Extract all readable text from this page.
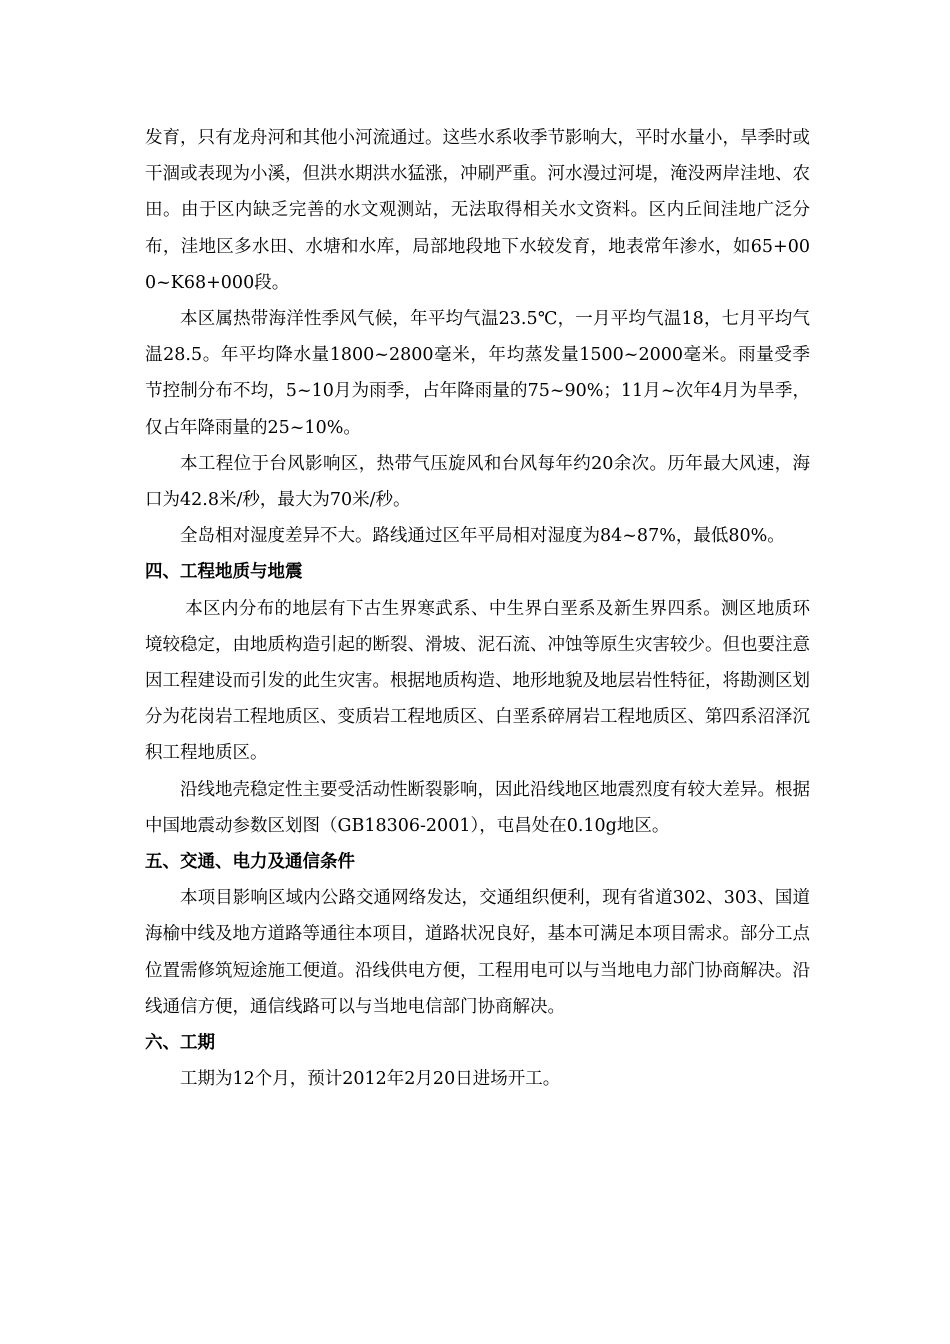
发育，只有龙舟河和其他小河流通过。这些水系收季节影响大，平时水量小，旱季时或干涸或表现为小溪，但洪水期洪水猛涨，冲刷严重。河水漫过河堤，淹没两岸洼地、农田。由于区内缺乏完善的水文观测站，无法取得相关水文资料。区内丘间洼地广泛分布，洼地区多水田、水塘和水库，局部地段地下水较发育，地表常年渗水，如65+000~K68+000段。

本区属热带海洋性季风气候，年平均气温23.5℃，一月平均气温18，七月平均气温28.5。年平均降水量1800~2800毫米，年均蒸发量1500~2000毫米。雨量受季节控制分布不均，5~10月为雨季，占年降雨量的75~90%；11月~次年4月为旱季，仅占年降雨量的25~10%。

本工程位于台风影响区，热带气压旋风和台风每年约20余次。历年最大风速，海口为42.8米/秒，最大为70米/秒。

全岛相对湿度差异不大。路线通过区年平局相对湿度为84~87%，最低80%。

四、工程地质与地震

本区内分布的地层有下古生界寒武系、中生界白垩系及新生界四系。测区地质环境较稳定，由地质构造引起的断裂、滑坡、泥石流、冲蚀等原生灾害较少。但也要注意因工程建设而引发的此生灾害。根据地质构造、地形地貌及地层岩性特征，将勘测区划分为花岗岩工程地质区、变质岩工程地质区、白垩系碎屑岩工程地质区、第四系沼泽沉积工程地质区。

沿线地壳稳定性主要受活动性断裂影响，因此沿线地区地震烈度有较大差异。根据中国地震动参数区划图（GB18306-2001），屯昌处在0.10g地区。

五、交通、电力及通信条件

本项目影响区域内公路交通网络发达，交通组织便利，现有省道302、303、国道海榆中线及地方道路等通往本项目，道路状况良好，基本可满足本项目需求。部分工点位置需修筑短途施工便道。沿线供电方便，工程用电可以与当地电力部门协商解决。沿线通信方便，通信线路可以与当地电信部门协商解决。

六、工期

工期为12个月，预计2012年2月20日进场开工。
